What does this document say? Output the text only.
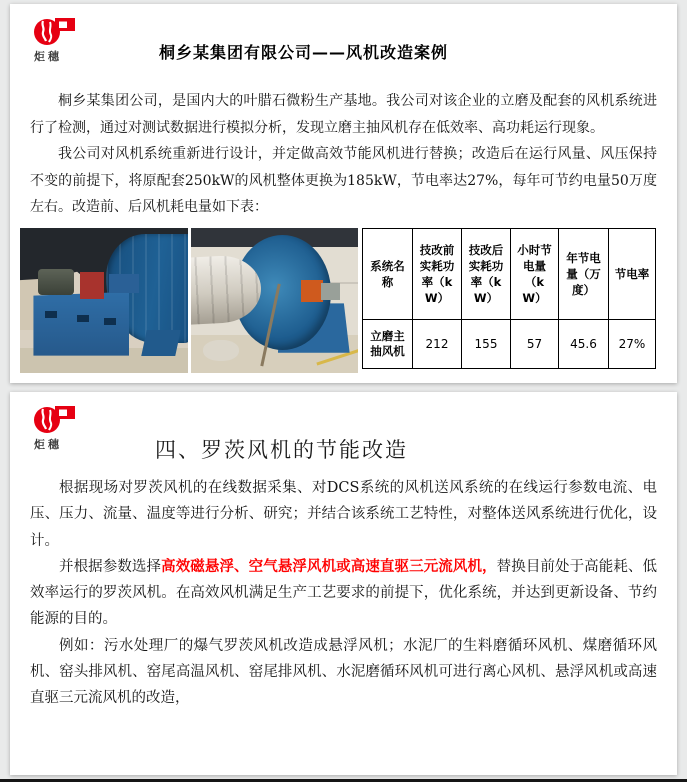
炬穗	桐乡某集团有限公司——风机改造案例

桐乡某集团公司，是国内大的叶腊石微粉生产基地。我公司对该企业的立磨及配套的风机系统进行了检测，通过对测试数据进行模拟分析，发现立磨主抽风机存在低效率、高功耗运行现象。

我公司对风机系统重新进行设计，并定做高效节能风机进行替换；改造后在运行风量、风压保持不变的前提下，将原配套250kW的风机整体更换为185kW，节电率达27%，每年可节约电量50万度左右。改造前、后风机耗电量如下表：

系统名称	技改前实耗功率（kW）	技改后实耗功率（kW）	小时节电量（kW）	年节电量（万度）	节电率
立磨主抽风机	212	155	57	45.6	27%
炬穗	四、罗茨风机的节能改造

根据现场对罗茨风机的在线数据采集、对DCS系统的风机送风系统的在线运行参数电流、电压、压力、流量、温度等进行分析、研究；并结合该系统工艺特性，对整体送风系统进行优化，设计。

并根据参数选择高效磁悬浮、空气悬浮风机或高速直驱三元流风机，替换目前处于高能耗、低效率运行的罗茨风机。在高效风机满足生产工艺要求的前提下，优化系统，并达到更新设备、节约能源的目的。

例如：污水处理厂的爆气罗茨风机改造成悬浮风机；水泥厂的生料磨循环风机、煤磨循环风机、窑头排风机、窑尾高温风机、窑尾排风机、水泥磨循环风机可进行离心风机、悬浮风机或高速直驱三元流风机的改造，
